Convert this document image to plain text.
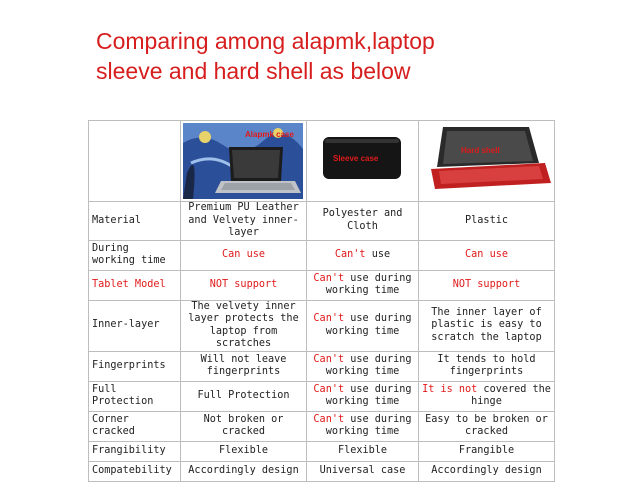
Comparing among alapmk,laptop
sleeve and hard shell as below

	Alapmk case	Sleeve case	Hard shell

Material	Premium PU Leather and Velvety inner-layer	Polyester and Cloth	Plastic
During working time	Can use	Can't use	Can use
Tablet Model	NOT support	Can't use during working time	NOT support
Inner-layer	The velvety inner layer protects the laptop from scratches	Can't use during working time	The inner layer of plastic is easy to scratch the laptop
Fingerprints	Will not leave fingerprints	Can't use during working time	It tends to hold fingerprints
Full Protection	Full Protection	Can't use during working time	It is not covered the hinge
Corner cracked	Not broken or cracked	Can't use during working time	Easy to be broken or cracked
Frangibility	Flexible	Flexible	Frangible
Compatebility	Accordingly design	Universal case	Accordingly design
